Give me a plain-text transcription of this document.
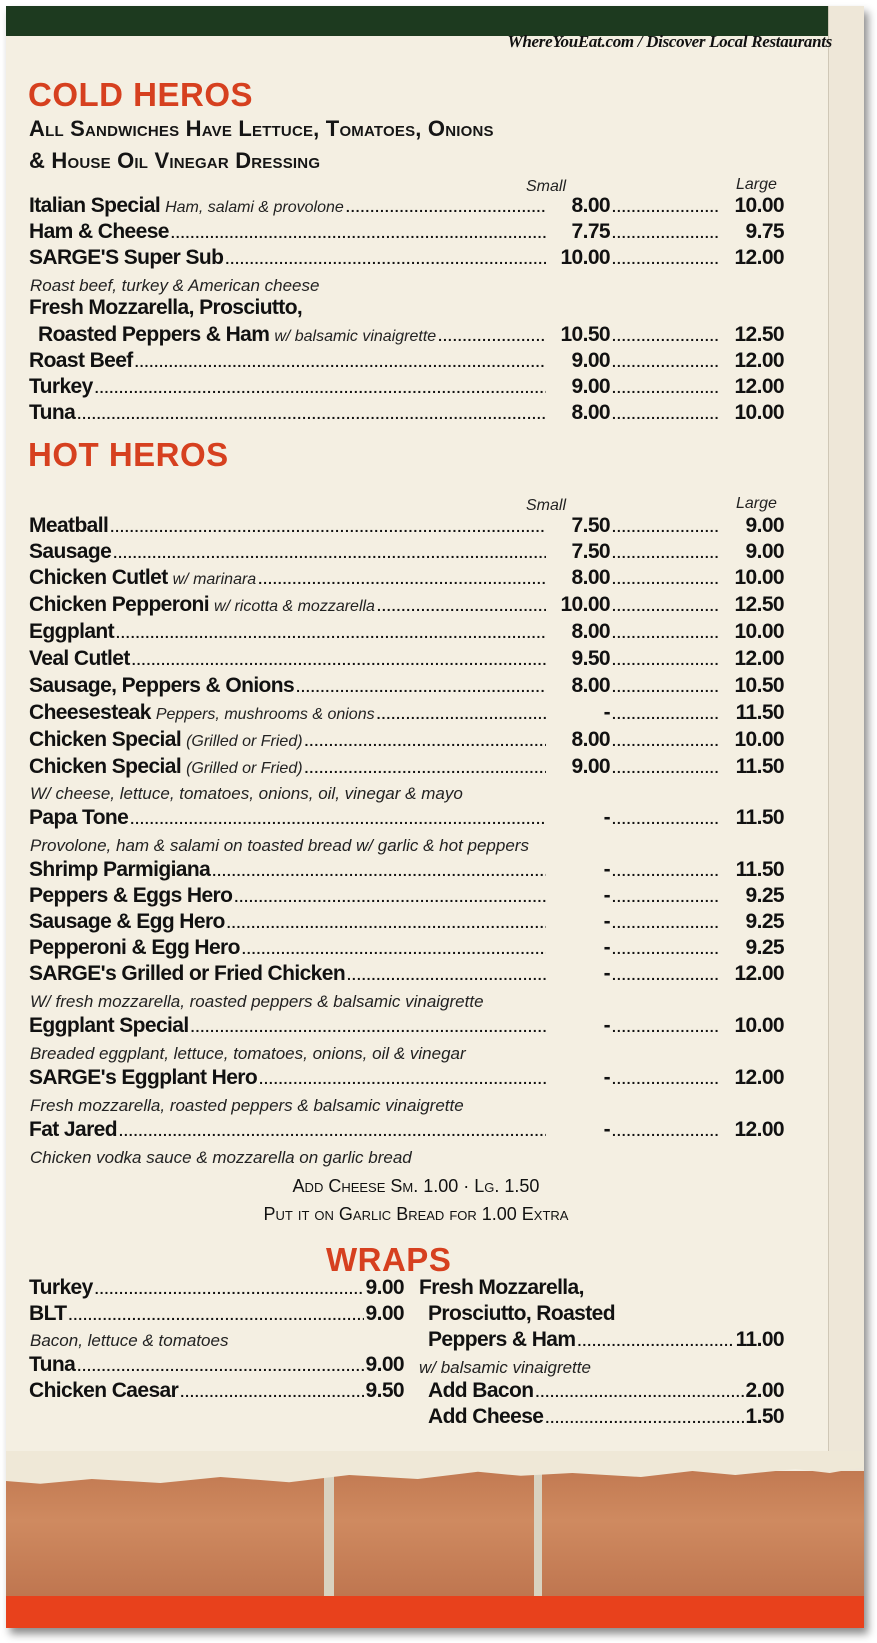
WhereYouEat.com / Discover Local Restaurants
COLD HEROS
All Sandwiches Have Lettuce, Tomatoes, Onions
& House Oil Vinegar Dressing
Small	Large
Italian Special Ham, salami & provolone .....	8.00 .....	10.00
Ham & Cheese .....	7.75 .....	9.75
SARGE'S Super Sub .....	10.00 .....	12.00
Roast beef, turkey & American cheese
Fresh Mozzarella, Prosciutto,
Roasted Peppers & Ham w/ balsamic vinaigrette .....	10.50 .....	12.50
Roast Beef .....	9.00 .....	12.00
Turkey .....	9.00 .....	12.00
Tuna .....	8.00 .....	10.00
HOT HEROS
Small	Large
Meatball .....	7.50 .....	9.00
Sausage .....	7.50 .....	9.00
Chicken Cutlet w/ marinara .....	8.00 .....	10.00
Chicken Pepperoni w/ ricotta & mozzarella .....	10.00 .....	12.50
Eggplant .....	8.00 .....	10.00
Veal Cutlet .....	9.50 .....	12.00
Sausage, Peppers & Onions .....	8.00 .....	10.50
Cheesesteak Peppers, mushrooms & onions .....	- .....	11.50
Chicken Special (Grilled or Fried) .....	8.00 .....	10.00
Chicken Special (Grilled or Fried) .....	9.00 .....	11.50
W/ cheese, lettuce, tomatoes, onions, oil, vinegar & mayo
Papa Tone .....	- .....	11.50
Provolone, ham & salami on toasted bread w/ garlic & hot peppers
Shrimp Parmigiana .....	- .....	11.50
Peppers & Eggs Hero .....	- .....	9.25
Sausage & Egg Hero .....	- .....	9.25
Pepperoni & Egg Hero .....	- .....	9.25
SARGE's Grilled or Fried Chicken .....	- .....	12.00
W/ fresh mozzarella, roasted peppers & balsamic vinaigrette
Eggplant Special .....	- .....	10.00
Breaded eggplant, lettuce, tomatoes, onions, oil & vinegar
SARGE's Eggplant Hero .....	- .....	12.00
Fresh mozzarella, roasted peppers & balsamic vinaigrette
Fat Jared .....	- .....	12.00
Chicken vodka sauce & mozzarella on garlic bread
Add Cheese Sm. 1.00 · Lg. 1.50
Put it on Garlic Bread for 1.00 Extra
WRAPS
Turkey .....	9.00
BLT .....	9.00
Bacon, lettuce & tomatoes
Tuna .....	9.00
Chicken Caesar .....	9.50
Fresh Mozzarella,
Prosciutto, Roasted
Peppers & Ham .....	11.00
w/ balsamic vinaigrette
Add Bacon .....	2.00
Add Cheese .....	1.50
